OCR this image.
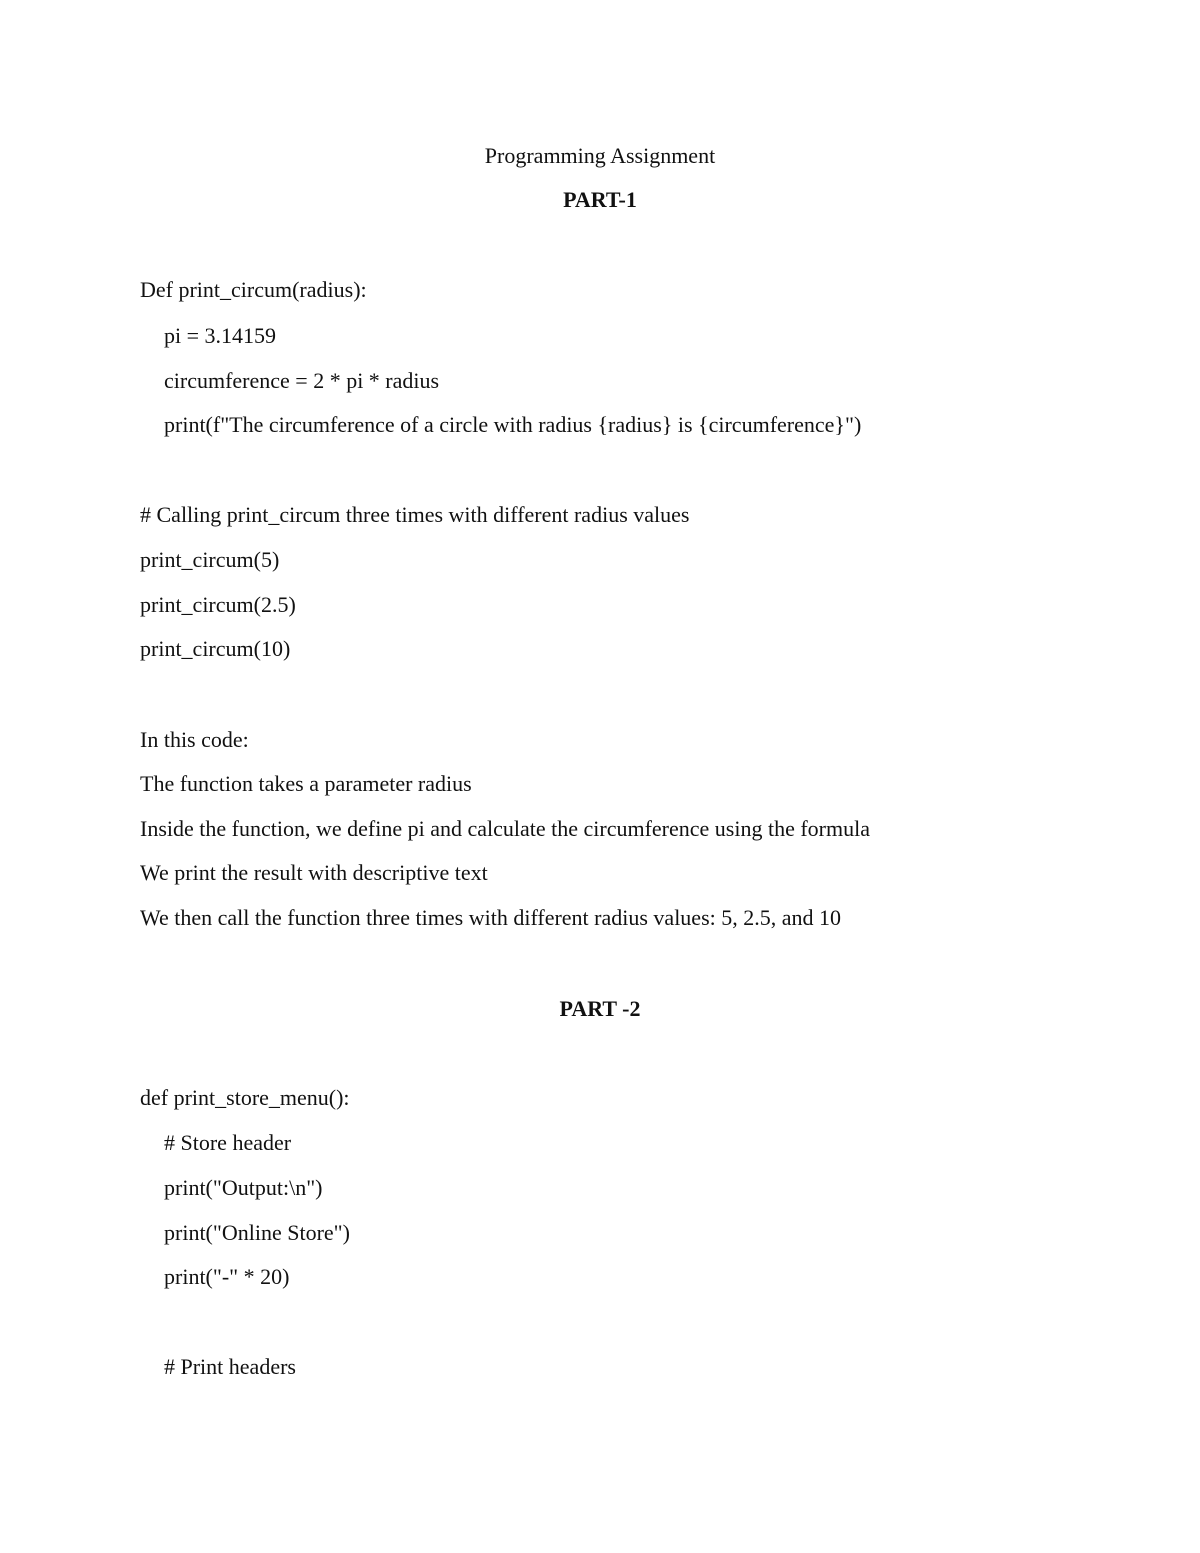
Programming Assignment
PART-1
Def print_circum(radius):
pi = 3.14159
circumference = 2 * pi * radius
print(f"The circumference of a circle with radius {radius} is {circumference}")
# Calling print_circum three times with different radius values
print_circum(5)
print_circum(2.5)
print_circum(10)
In this code:
The function takes a parameter radius
Inside the function, we define pi and calculate the circumference using the formula
We print the result with descriptive text
We then call the function three times with different radius values: 5, 2.5, and 10
PART -2
def print_store_menu():
# Store header
print("Output:\n")
print("Online Store")
print("-" * 20)
# Print headers
